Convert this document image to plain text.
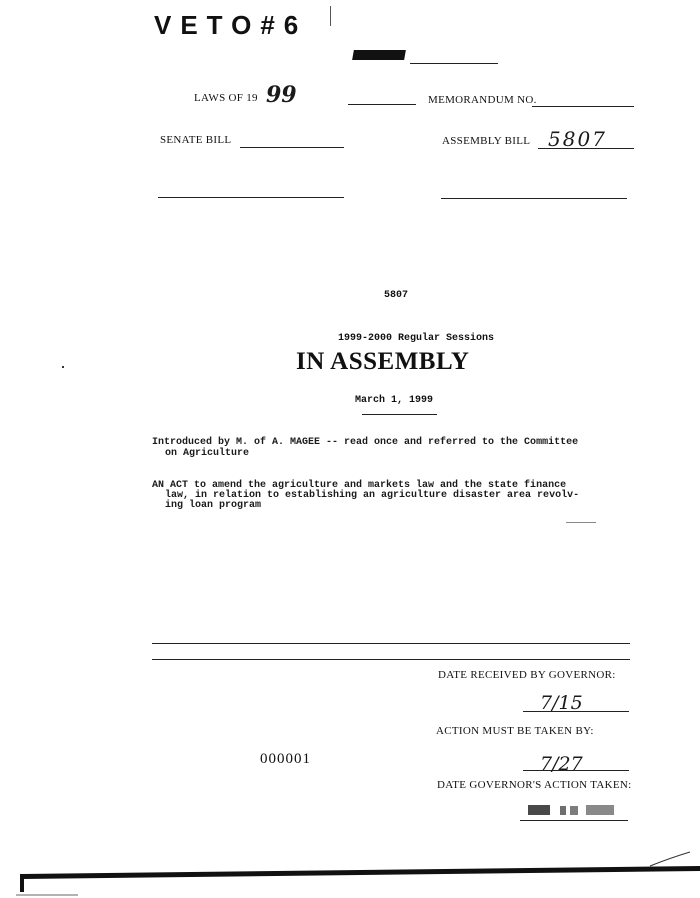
VETO#6
LAWS OF 19 99	MEMORANDUM NO.
SENATE BILL	ASSEMBLY BILL 5807
5807
1999-2000 Regular Sessions
IN ASSEMBLY
March 1, 1999
Introduced by M. of A. MAGEE -- read once and referred to the Committee
on Agriculture
AN ACT to amend the agriculture and markets law and the state finance
law, in relation to establishing an agriculture disaster area revolv-
ing loan program
DATE RECEIVED BY GOVERNOR:
7/15
ACTION MUST BE TAKEN BY:
000001	7/27
DATE GOVERNOR'S ACTION TAKEN:
